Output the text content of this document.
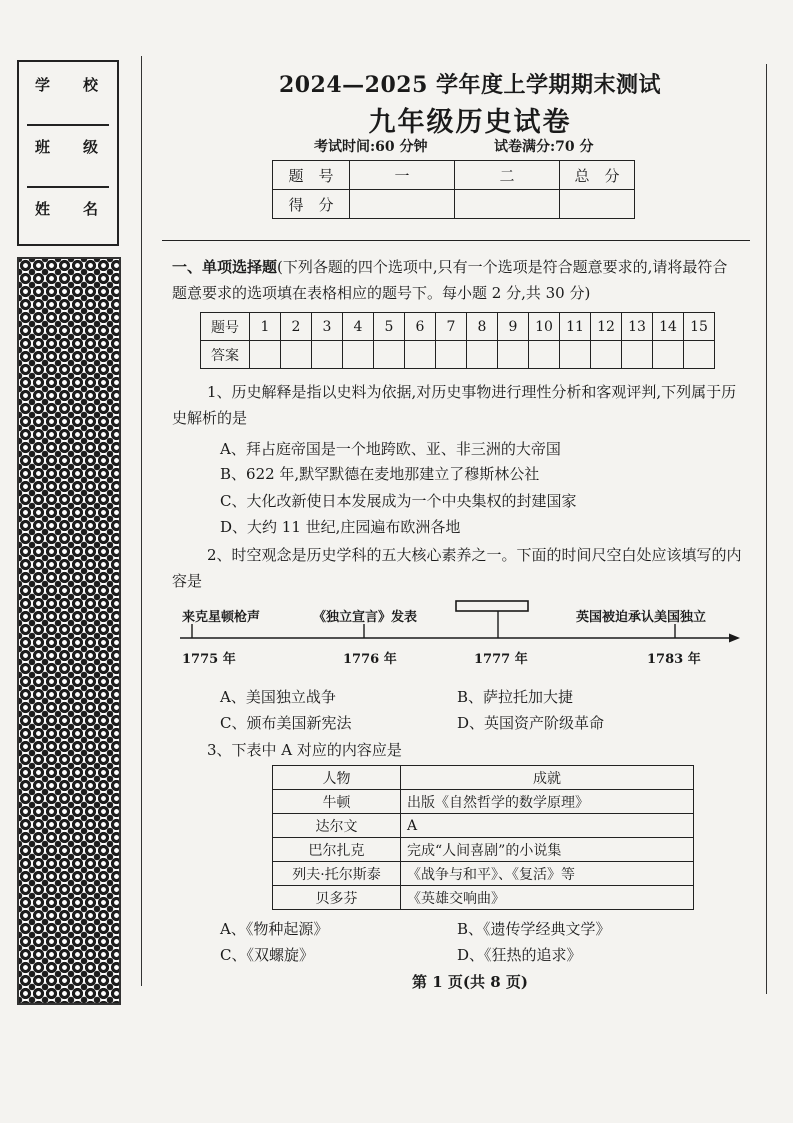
学 校
班 级
姓 名
2024—2025 学年度上学期期末测试
九年级历史试卷
考试时间:60 分钟	试卷满分:70 分
题　号	一	二	总　分
得　分			
一、单项选择题(下列各题的四个选项中,只有一个选项是符合题意要求的,请将最符合
题意要求的选项填在表格相应的题号下。每小题 2 分,共 30 分)
题号	1	2	3	4	5	6	7	8	9	10	11	12	13	14	15
答案															
1、历史解释是指以史料为依据,对历史事物进行理性分析和客观评判,下列属于历
史解析的是
A、拜占庭帝国是一个地跨欧、亚、非三洲的大帝国
B、622 年,默罕默德在麦地那建立了穆斯林公社
C、大化改新使日本发展成为一个中央集权的封建国家
D、大约 11 世纪,庄园遍布欧洲各地
2、时空观念是历史学科的五大核心素养之一。下面的时间尺空白处应该填写的内
容是
来克星顿枪声	《独立宣言》发表	英国被迫承认美国独立
1775 年	1776 年	1777 年	1783 年
A、美国独立战争	B、萨拉托加大捷
C、颁布美国新宪法	D、英国资产阶级革命
3、下表中 A 对应的内容应是
人物	成就
牛顿	出版《自然哲学的数学原理》
达尔文	A
巴尔扎克	完成“人间喜剧”的小说集
列夫·托尔斯泰	《战争与和平》、《复活》等
贝多芬	《英雄交响曲》
A、《物种起源》	B、《遗传学经典文学》
C、《双螺旋》	D、《狂热的追求》
第 1 页(共 8 页)
